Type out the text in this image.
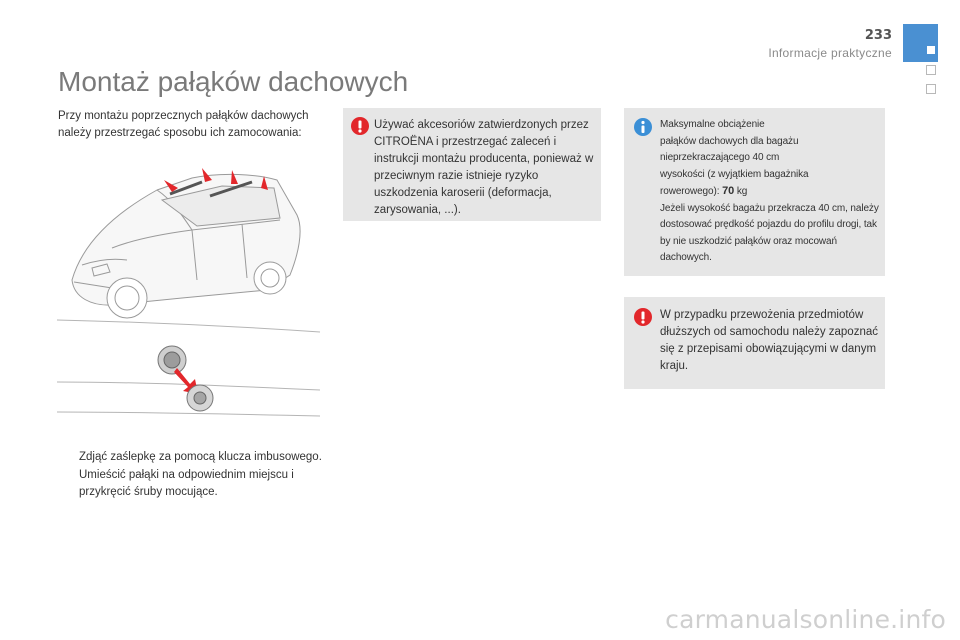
233
Informacje praktyczne
Montaż pałąków dachowych
Przy montażu poprzecznych pałąków dachowych należy przestrzegać sposobu ich zamocowania:
Zdjąć zaślepkę za pomocą klucza imbusowego.
Umieścić pałąki na odpowiednim miejscu i przykręcić śruby mocujące.
Używać akcesoriów zatwierdzonych przez CITROËNA i przestrzegać zaleceń i instrukcji montażu producenta, ponieważ w przeciwnym razie istnieje ryzyko uszkodzenia karoserii (deformacja, zarysowania, ...).
Maksymalne obciążenie
pałąków dachowych dla bagażu
nieprzekraczającego 40 cm
wysokości (z wyjątkiem bagażnika
rowerowego): 70 kg
Jeżeli wysokość bagażu przekracza 40 cm, należy dostosować prędkość pojazdu do profilu drogi, tak by nie uszkodzić pałąków oraz mocowań dachowych.
W przypadku przewożenia przedmiotów dłuższych od samochodu należy zapoznać się z przepisami obowiązującymi w danym kraju.
carmanualsonline.info
